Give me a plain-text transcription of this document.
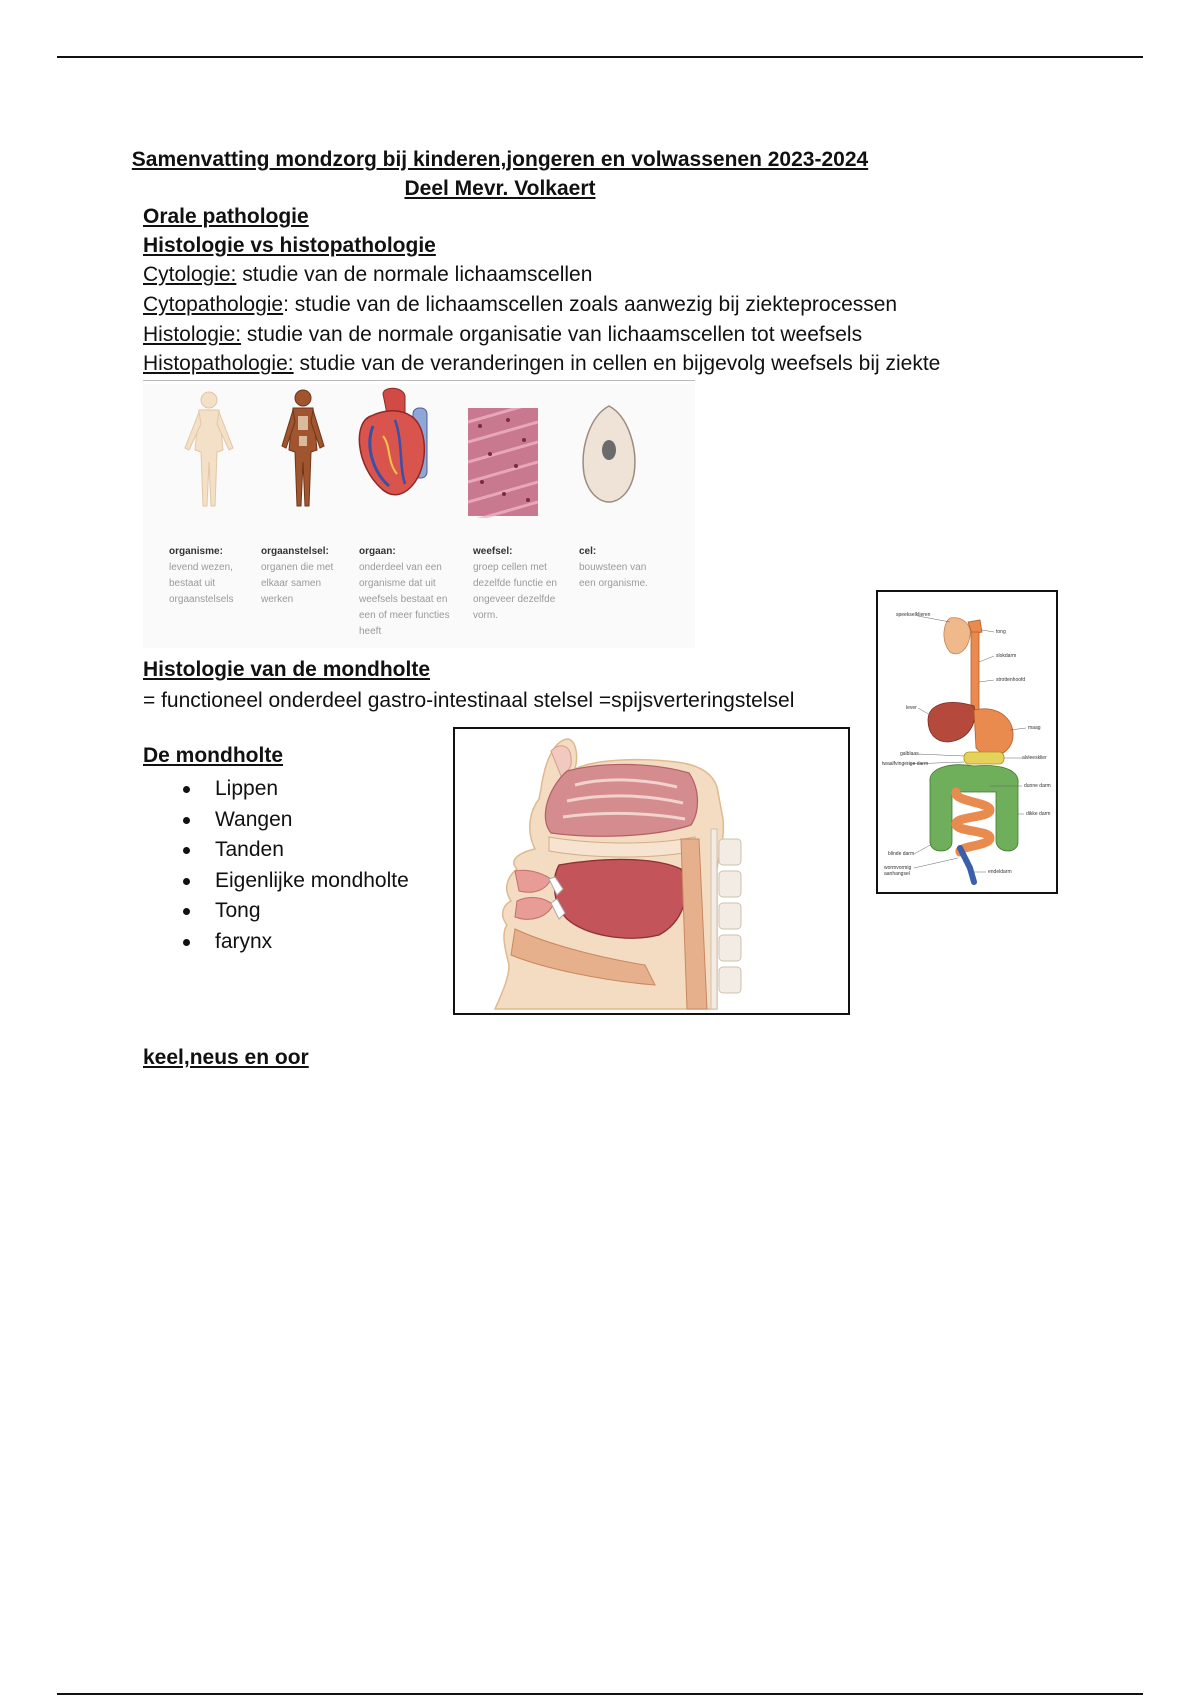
Samenvatting mondzorg bij kinderen,jongeren en volwassenen 2023-2024
Deel Mevr. Volkaert
Orale pathologie
Histologie vs histopathologie
Cytologie: studie van de normale lichaamscellen
Cytopathologie: studie van de lichaamscellen zoals aanwezig bij ziekteprocessen
Histologie: studie van de normale organisatie van lichaamscellen tot weefsels
Histopathologie: studie van de veranderingen in cellen en bijgevolg weefsels bij ziekte
Histologie van de mondholte
= functioneel onderdeel gastro-intestinaal stelsel =spijsverteringstelsel
De mondholte
keel,neus en oor
organisme:
levend wezen, bestaat uit orgaanstelsels
orgaanstelsel:
organen die met elkaar samen werken
orgaan:
onderdeel van een organisme dat uit weefsels bestaat en een of meer functies heeft
weefsel:
groep cellen met dezelfde functie en ongeveer dezelfde vorm.
cel:
bouwsteen van een organisme.
speekselklieren
tong
slokdarm
strottenhoofd
lever
maag
galblaas
alvleesklier
twaalfvingerige darm
dunne darm
dikke darm
blinde darm
wormvormig aanhangsel	endeldarm
Lippen
Wangen
Tanden
Eigenlijke mondholte
Tong
farynx
